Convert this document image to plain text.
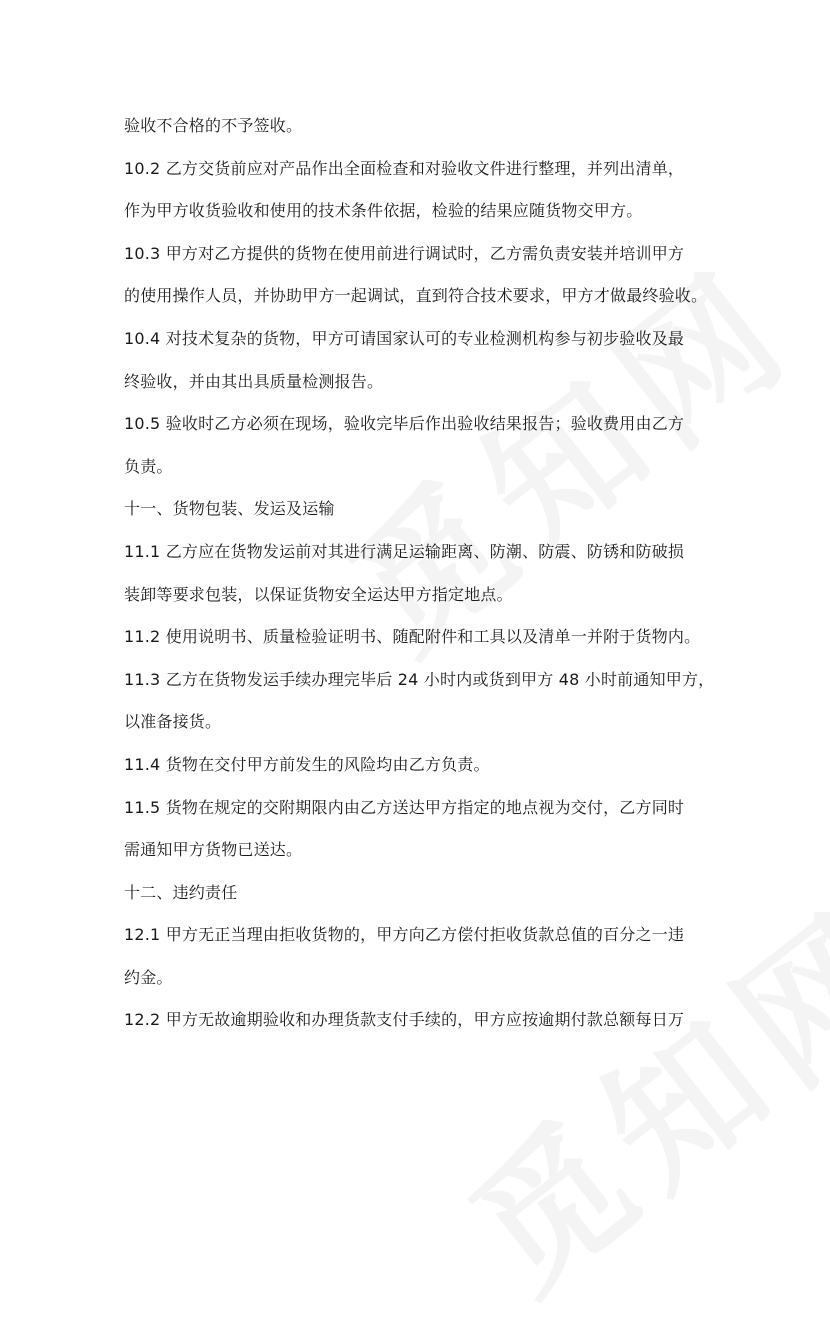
验收不合格的不予签收。
10.2 乙方交货前应对产品作出全面检查和对验收文件进行整理，并列出清单，
作为甲方收货验收和使用的技术条件依据，检验的结果应随货物交甲方。
10.3 甲方对乙方提供的货物在使用前进行调试时，乙方需负责安装并培训甲方
的使用操作人员，并协助甲方一起调试，直到符合技术要求，甲方才做最终验收。
10.4 对技术复杂的货物，甲方可请国家认可的专业检测机构参与初步验收及最
终验收，并由其出具质量检测报告。
10.5 验收时乙方必须在现场，验收完毕后作出验收结果报告；验收费用由乙方
负责。
十一、货物包装、发运及运输
11.1 乙方应在货物发运前对其进行满足运输距离、防潮、防震、防锈和防破损
装卸等要求包装，以保证货物安全运达甲方指定地点。
11.2 使用说明书、质量检验证明书、随配附件和工具以及清单一并附于货物内。
11.3 乙方在货物发运手续办理完毕后 24 小时内或货到甲方 48 小时前通知甲方，
以准备接货。
11.4 货物在交付甲方前发生的风险均由乙方负责。
11.5 货物在规定的交附期限内由乙方送达甲方指定的地点视为交付，乙方同时
需通知甲方货物已送达。
十二、违约责任
12.1 甲方无正当理由拒收货物的，甲方向乙方偿付拒收货款总值的百分之一违
约金。
12.2 甲方无故逾期验收和办理货款支付手续的，甲方应按逾期付款总额每日万
